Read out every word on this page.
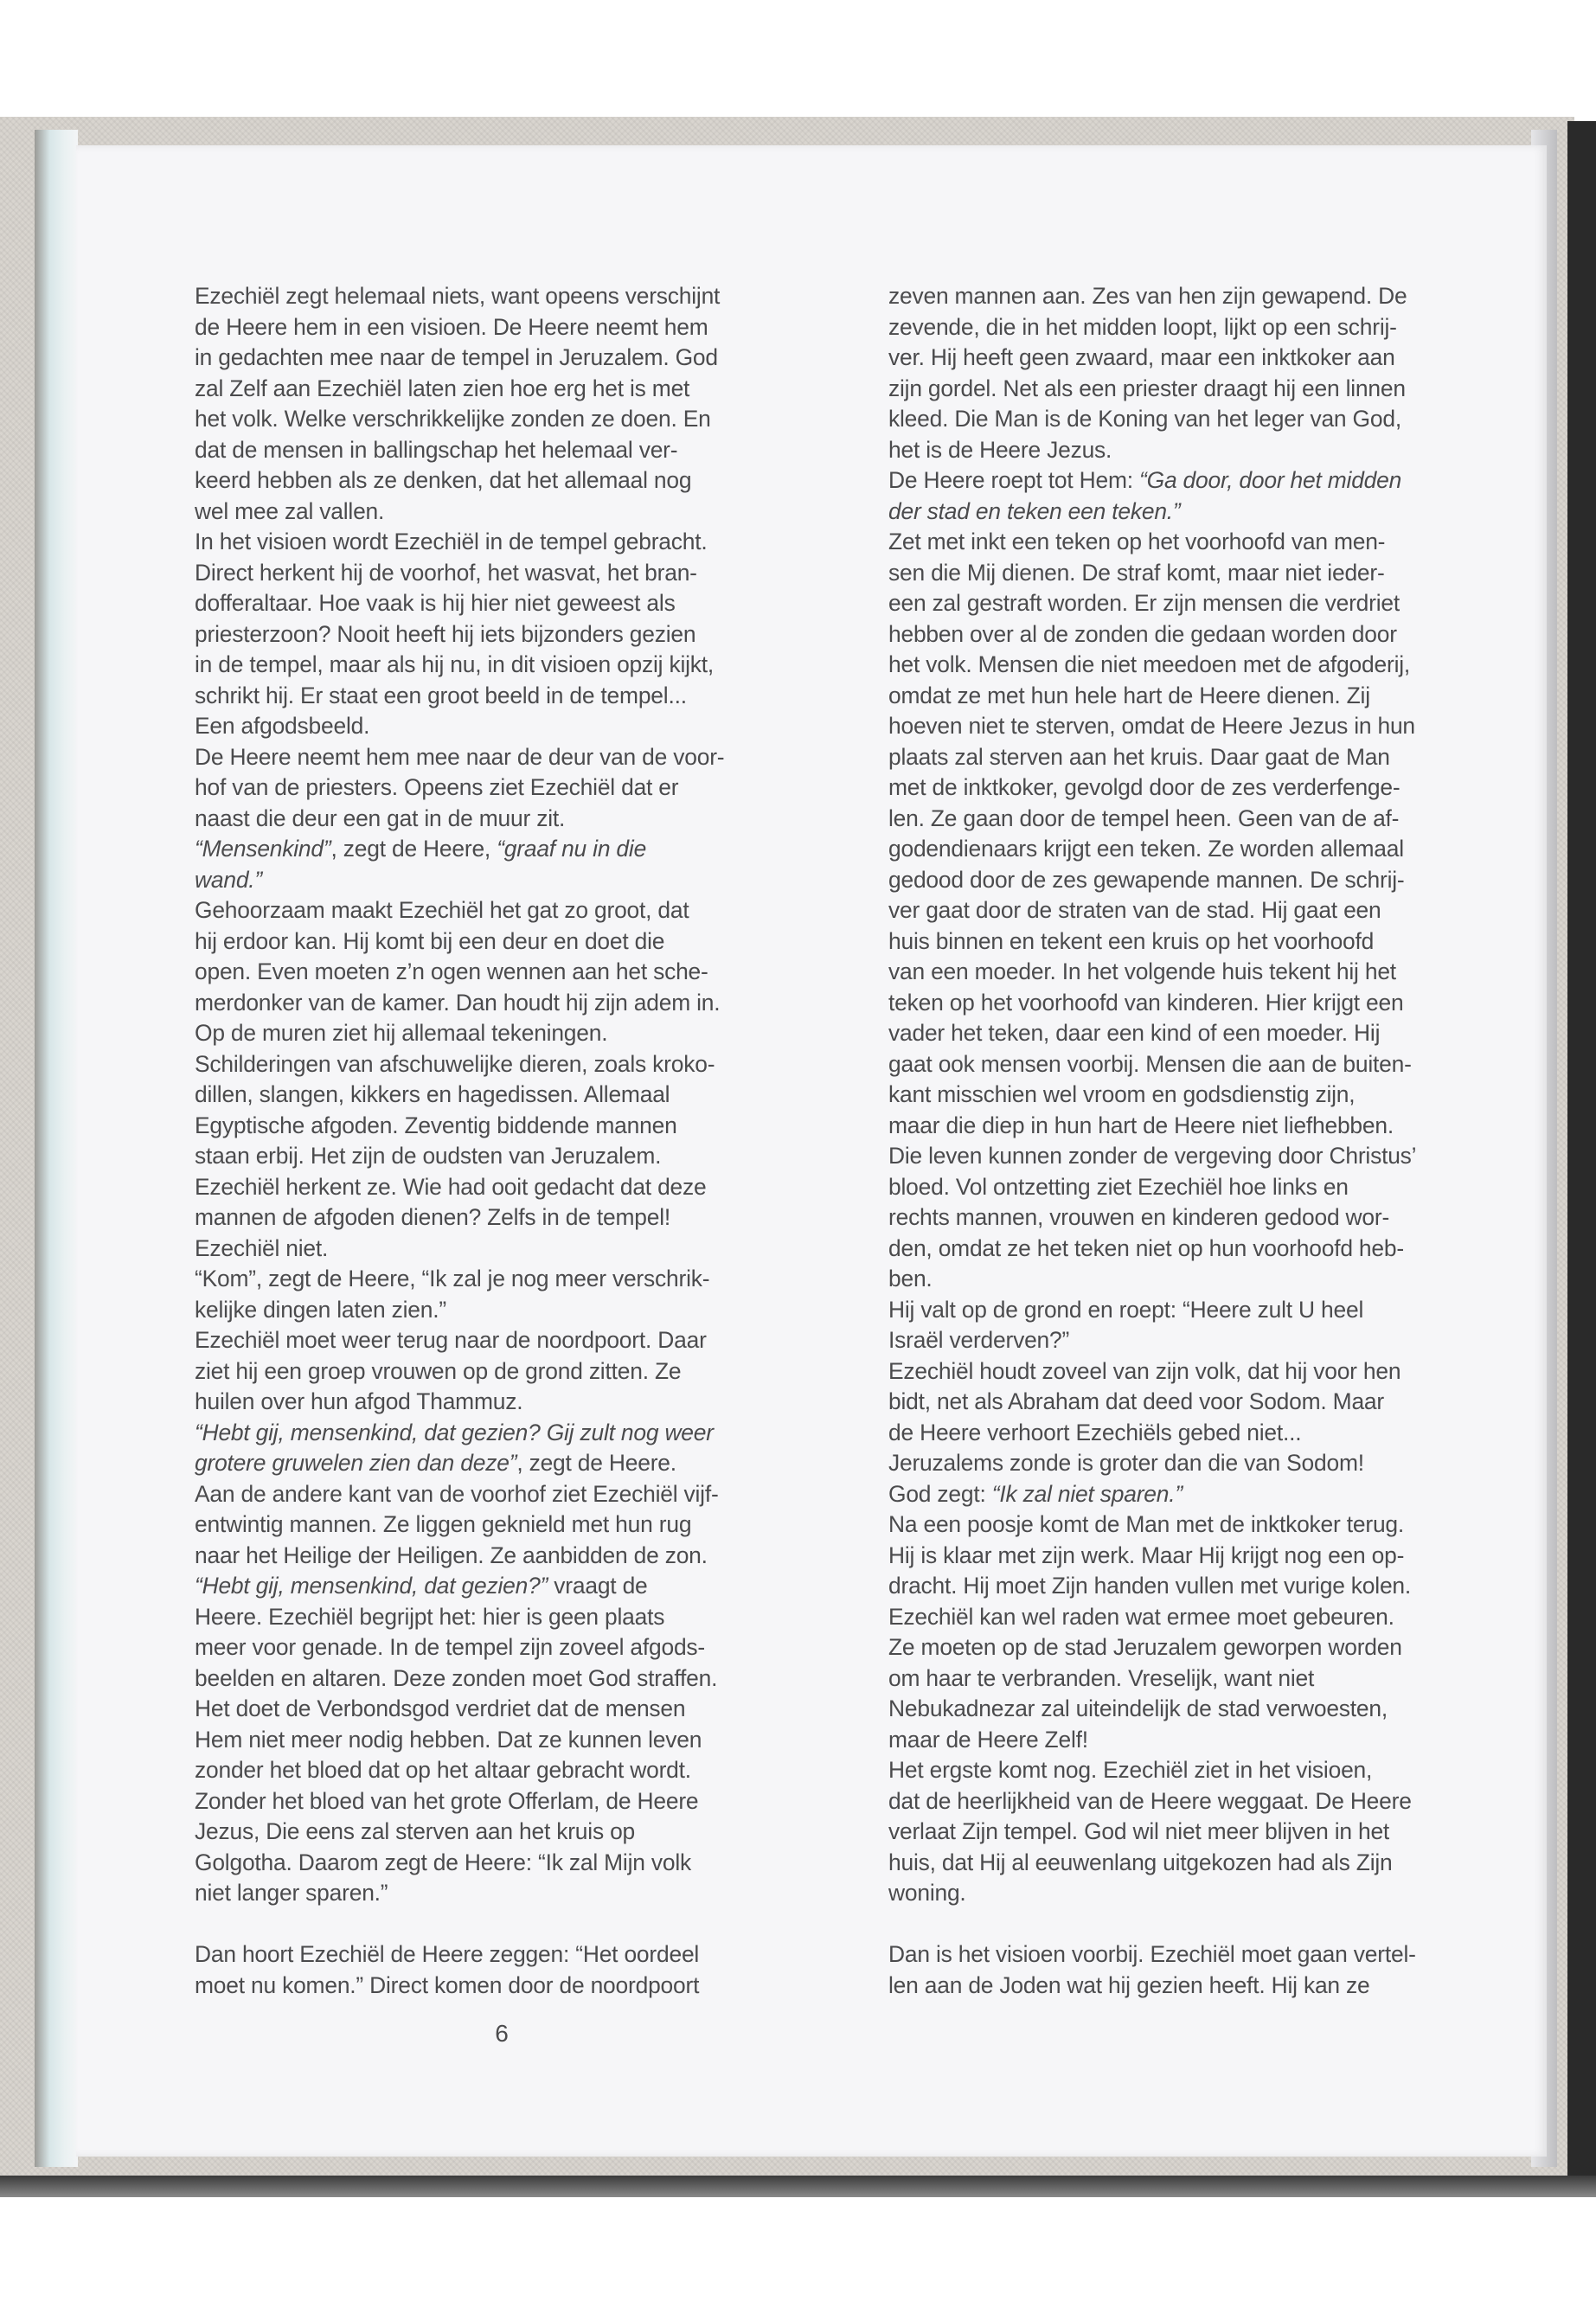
Ezechiël zegt helemaal niets, want opeens verschijnt
de Heere hem in een visioen. De Heere neemt hem
in gedachten mee naar de tempel in Jeruzalem. God
zal Zelf aan Ezechiël laten zien hoe erg het is met
het volk. Welke verschrikkelijke zonden ze doen. En
dat de mensen in ballingschap het helemaal ver-
keerd hebben als ze denken, dat het allemaal nog
wel mee zal vallen.
In het visioen wordt Ezechiël in de tempel gebracht.
Direct herkent hij de voorhof, het wasvat, het bran-
dofferaltaar. Hoe vaak is hij hier niet geweest als
priesterzoon? Nooit heeft hij iets bijzonders gezien
in de tempel, maar als hij nu, in dit visioen opzij kijkt,
schrikt hij. Er staat een groot beeld in de tempel...
Een afgodsbeeld.
De Heere neemt hem mee naar de deur van de voor-
hof van de priesters. Opeens ziet Ezechiël dat er
naast die deur een gat in de muur zit.
“Mensenkind”, zegt de Heere, “graaf nu in die
wand.”
Gehoorzaam maakt Ezechiël het gat zo groot, dat
hij erdoor kan. Hij komt bij een deur en doet die
open. Even moeten z’n ogen wennen aan het sche-
merdonker van de kamer. Dan houdt hij zijn adem in.
Op de muren ziet hij allemaal tekeningen.
Schilderingen van afschuwelijke dieren, zoals kroko-
dillen, slangen, kikkers en hagedissen. Allemaal
Egyptische afgoden. Zeventig biddende mannen
staan erbij. Het zijn de oudsten van Jeruzalem.
Ezechiël herkent ze. Wie had ooit gedacht dat deze
mannen de afgoden dienen? Zelfs in de tempel!
Ezechiël niet.
“Kom”, zegt de Heere, “Ik zal je nog meer verschrik-
kelijke dingen laten zien.”
Ezechiël moet weer terug naar de noordpoort. Daar
ziet hij een groep vrouwen op de grond zitten. Ze
huilen over hun afgod Thammuz.
“Hebt gij, mensenkind, dat gezien? Gij zult nog weer
grotere gruwelen zien dan deze”, zegt de Heere.
Aan de andere kant van de voorhof ziet Ezechiël vijf-
entwintig mannen. Ze liggen geknield met hun rug
naar het Heilige der Heiligen. Ze aanbidden de zon.
“Hebt gij, mensenkind, dat gezien?” vraagt de
Heere. Ezechiël begrijpt het: hier is geen plaats
meer voor genade. In de tempel zijn zoveel afgods-
beelden en altaren. Deze zonden moet God straffen.
Het doet de Verbondsgod verdriet dat de mensen
Hem niet meer nodig hebben. Dat ze kunnen leven
zonder het bloed dat op het altaar gebracht wordt.
Zonder het bloed van het grote Offerlam, de Heere
Jezus, Die eens zal sterven aan het kruis op
Golgotha. Daarom zegt de Heere: “Ik zal Mijn volk
niet langer sparen.”
Dan hoort Ezechiël de Heere zeggen: “Het oordeel
moet nu komen.” Direct komen door de noordpoort
zeven mannen aan. Zes van hen zijn gewapend. De
zevende, die in het midden loopt, lijkt op een schrij-
ver. Hij heeft geen zwaard, maar een inktkoker aan
zijn gordel. Net als een priester draagt hij een linnen
kleed. Die Man is de Koning van het leger van God,
het is de Heere Jezus.
De Heere roept tot Hem: “Ga door, door het midden
der stad en teken een teken.”
Zet met inkt een teken op het voorhoofd van men-
sen die Mij dienen. De straf komt, maar niet ieder-
een zal gestraft worden. Er zijn mensen die verdriet
hebben over al de zonden die gedaan worden door
het volk. Mensen die niet meedoen met de afgoderij,
omdat ze met hun hele hart de Heere dienen. Zij
hoeven niet te sterven, omdat de Heere Jezus in hun
plaats zal sterven aan het kruis. Daar gaat de Man
met de inktkoker, gevolgd door de zes verderfenge-
len. Ze gaan door de tempel heen. Geen van de af-
godendienaars krijgt een teken. Ze worden allemaal
gedood door de zes gewapende mannen. De schrij-
ver gaat door de straten van de stad. Hij gaat een
huis binnen en tekent een kruis op het voorhoofd
van een moeder. In het volgende huis tekent hij het
teken op het voorhoofd van kinderen. Hier krijgt een
vader het teken, daar een kind of een moeder. Hij
gaat ook mensen voorbij. Mensen die aan de buiten-
kant misschien wel vroom en godsdienstig zijn,
maar die diep in hun hart de Heere niet liefhebben.
Die leven kunnen zonder de vergeving door Christus’
bloed. Vol ontzetting ziet Ezechiël hoe links en
rechts mannen, vrouwen en kinderen gedood wor-
den, omdat ze het teken niet op hun voorhoofd heb-
ben.
Hij valt op de grond en roept: “Heere zult U heel
Israël verderven?”
Ezechiël houdt zoveel van zijn volk, dat hij voor hen
bidt, net als Abraham dat deed voor Sodom. Maar
de Heere verhoort Ezechiëls gebed niet...
Jeruzalems zonde is groter dan die van Sodom!
God zegt: “Ik zal niet sparen.”
Na een poosje komt de Man met de inktkoker terug.
Hij is klaar met zijn werk. Maar Hij krijgt nog een op-
dracht. Hij moet Zijn handen vullen met vurige kolen.
Ezechiël kan wel raden wat ermee moet gebeuren.
Ze moeten op de stad Jeruzalem geworpen worden
om haar te verbranden. Vreselijk, want niet
Nebukadnezar zal uiteindelijk de stad verwoesten,
maar de Heere Zelf!
Het ergste komt nog. Ezechiël ziet in het visioen,
dat de heerlijkheid van de Heere weggaat. De Heere
verlaat Zijn tempel. God wil niet meer blijven in het
huis, dat Hij al eeuwenlang uitgekozen had als Zijn
woning.
Dan is het visioen voorbij. Ezechiël moet gaan vertel-
len aan de Joden wat hij gezien heeft. Hij kan ze
6
